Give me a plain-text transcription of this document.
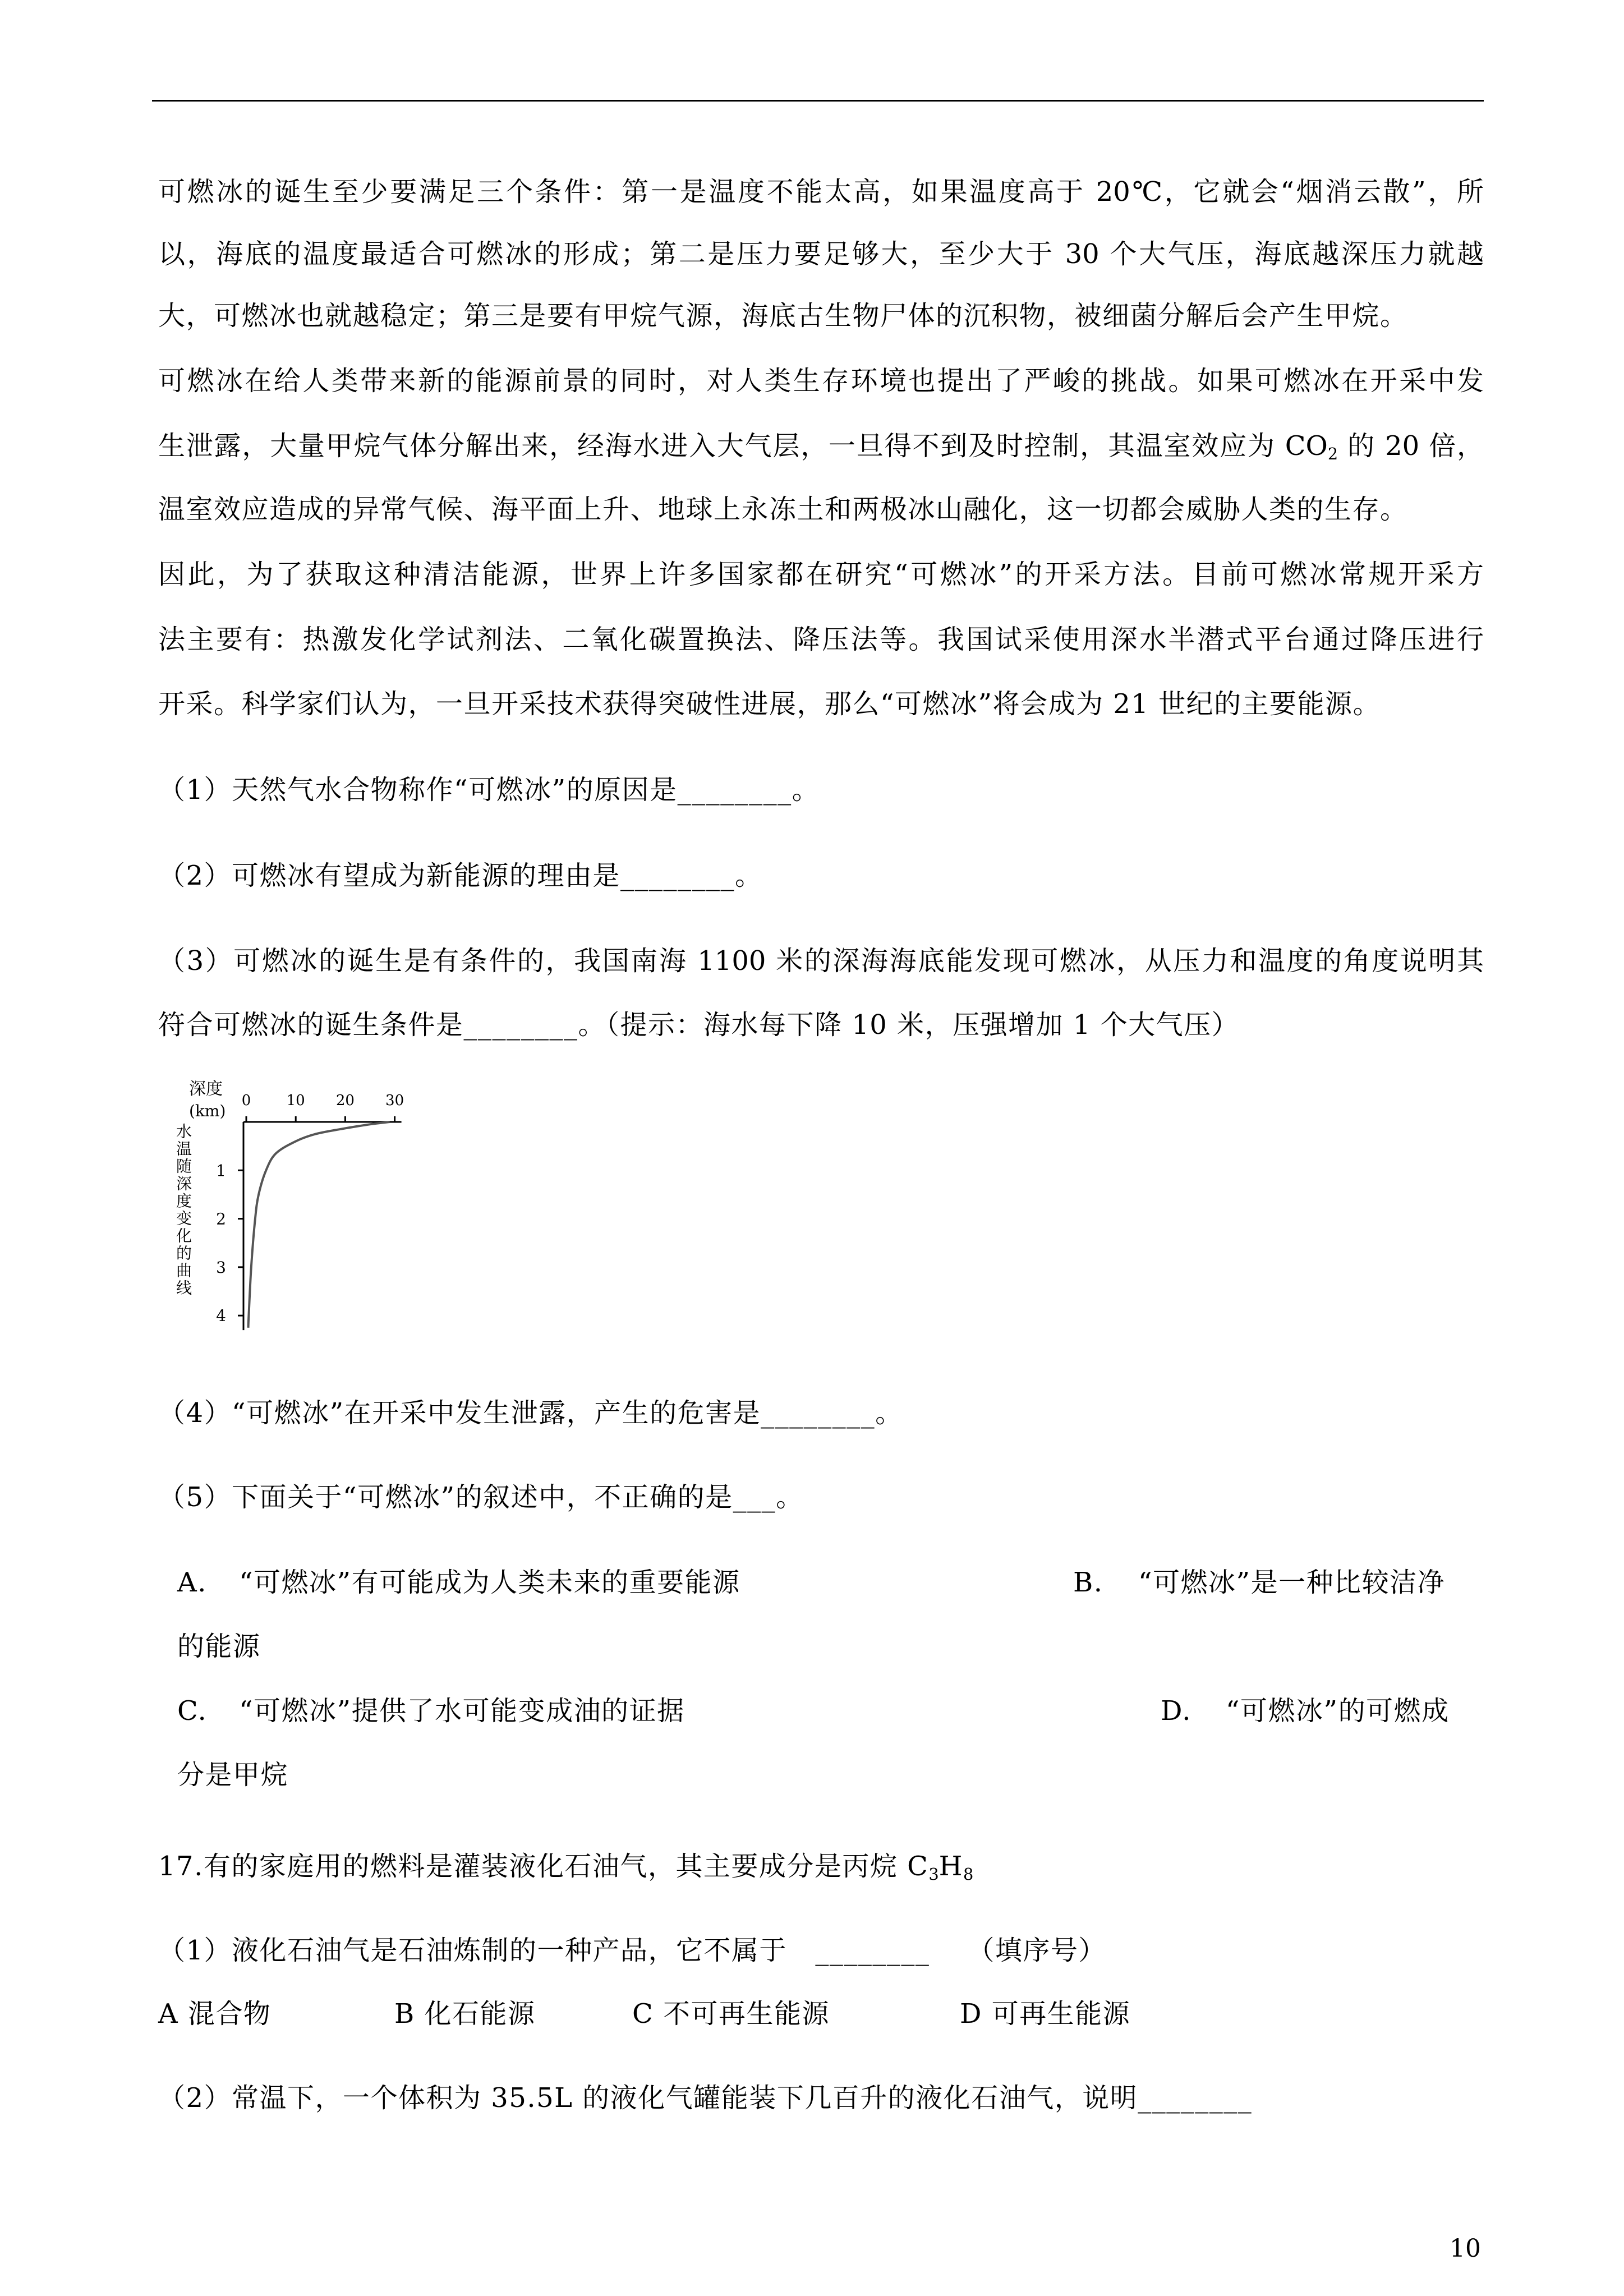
可燃冰的诞生至少要满足三个条件：第一是温度不能太高，如果温度高于 20℃，它就会“烟消云散”，所
以，海底的温度最适合可燃冰的形成；第二是压力要足够大，至少大于 30 个大气压，海底越深压力就越
大，可燃冰也就越稳定；第三是要有甲烷气源，海底古生物尸体的沉积物，被细菌分解后会产生甲烷。
可燃冰在给人类带来新的能源前景的同时，对人类生存环境也提出了严峻的挑战。如果可燃冰在开采中发
生泄露，大量甲烷气体分解出来，经海水进入大气层，一旦得不到及时控制，其温室效应为 $CO_2$ 的 20 倍，
温室效应造成的异常气候、海平面上升、地球上永冻土和两极冰山融化，这一切都会威胁人类的生存。
因此，为了获取这种清洁能源，世界上许多国家都在研究“可燃冰”的开采方法。目前可燃冰常规开采方
法主要有：热激发化学试剂法、二氧化碳置换法、降压法等。我国试采使用深水半潜式平台通过降压进行
开采。科学家们认为，一旦开采技术获得突破性进展，那么“可燃冰”将会成为 21 世纪的主要能源。
（1）天然气水合物称作“可燃冰”的原因是________。
（2）可燃冰有望成为新能源的理由是________。
（3）可燃冰的诞生是有条件的，我国南海 1100 米的深海海底能发现可燃冰，从压力和温度的角度说明其
符合可燃冰的诞生条件是________。（提示：海水每下降 10 米，压强增加 1 个大气压）
深度
(km)
0 10 20 30
1
2
3
4
水温随深度变化的曲线
（4）“可燃冰”在开采中发生泄露，产生的危害是________。
（5）下面关于“可燃冰”的叙述中，不正确的是___。
A. “可燃冰”有可能成为人类未来的重要能源	B. “可燃冰”是一种比较洁净
的能源
C. “可燃冰”提供了水可能变成油的证据	D. “可燃冰”的可燃成
分是甲烷
17.有的家庭用的燃料是灌装液化石油气，其主要成分是丙烷 $C_3H_8$
（1）液化石油气是石油炼制的一种产品，它不属于   ________    （填序号）
A 混合物	B 化石能源	C 不可再生能源	D 可再生能源
（2）常温下，一个体积为 35.5L 的液化气罐能装下几百升的液化石油气，说明________
10
